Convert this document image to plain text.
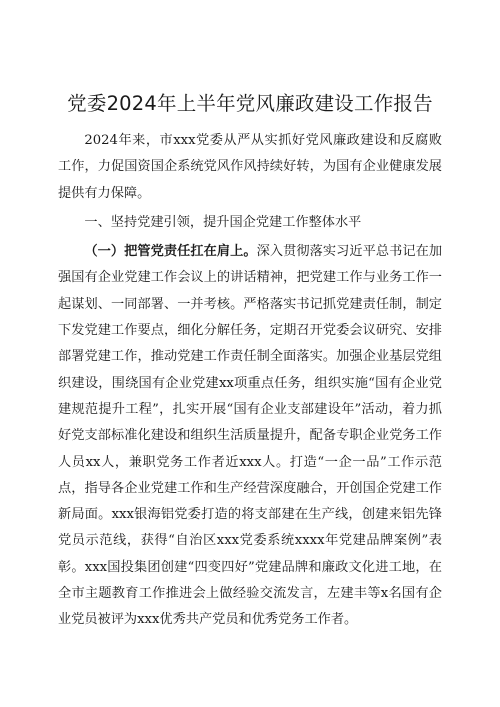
党委2024年上半年党风廉政建设工作报告

2024年来，市xxx党委从严从实抓好党风廉政建设和反腐败工作，力促国资国企系统党风作风持续好转，为国有企业健康发展提供有力保障。

一、坚持党建引领，提升国企党建工作整体水平

（一）把管党责任扛在肩上。深入贯彻落实习近平总书记在加强国有企业党建工作会议上的讲话精神，把党建工作与业务工作一起谋划、一同部署、一并考核。严格落实书记抓党建责任制，制定下发党建工作要点，细化分解任务，定期召开党委会议研究、安排部署党建工作，推动党建工作责任制全面落实。加强企业基层党组织建设，围绕国有企业党建xx项重点任务，组织实施“国有企业党建规范提升工程”，扎实开展“国有企业支部建设年”活动，着力抓好党支部标准化建设和组织生活质量提升，配备专职企业党务工作人员xx人，兼职党务工作者近xxx人。打造“一企一品”工作示范点，指导各企业党建工作和生产经营深度融合，开创国企党建工作新局面。xxx银海铝党委打造的将支部建在生产线，创建来铝先锋党员示范线，获得“自治区xxx党委系统xxxx年党建品牌案例”表彰。xxx国投集团创建“四变四好”党建品牌和廉政文化进工地，在全市主题教育工作推进会上做经验交流发言，左建丰等x名国有企业党员被评为xxx优秀共产党员和优秀党务工作者。
